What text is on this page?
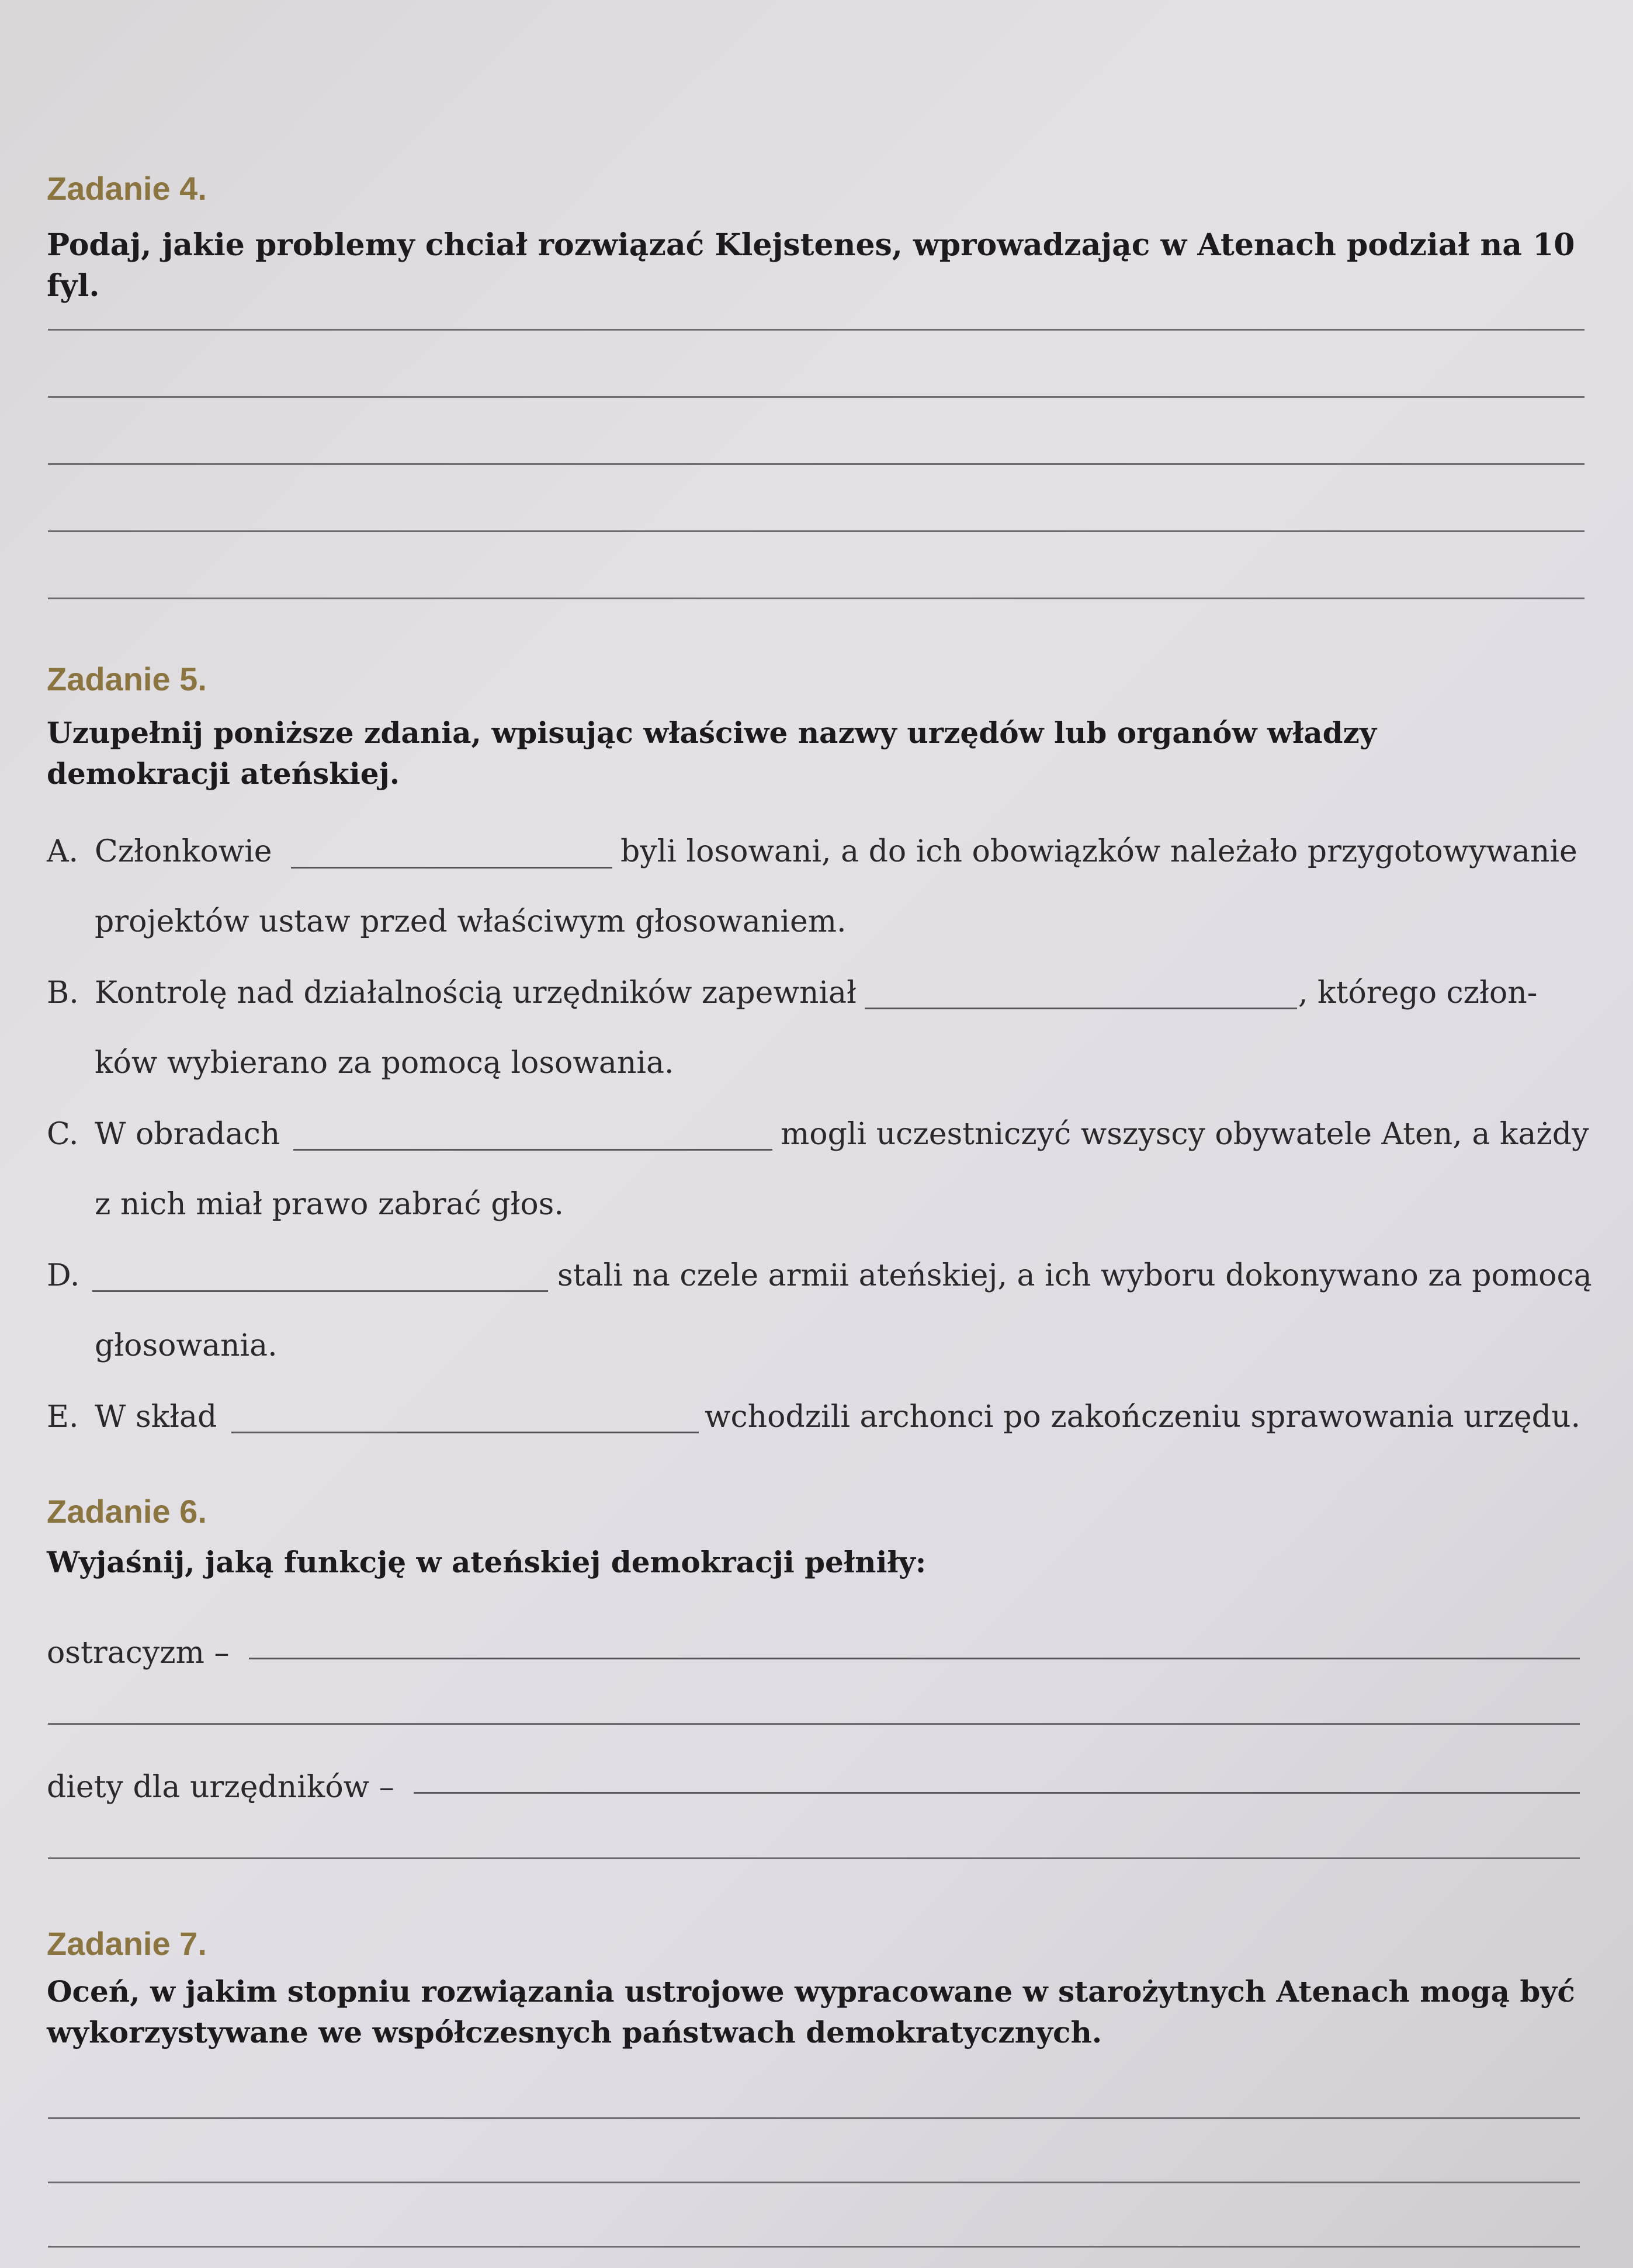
Zadanie 4.

Podaj, jakie problemy chciał rozwiązać Klejstenes, wprowadzając w Atenach podział na 10 fyl.

Zadanie 5.

Uzupełnij poniższe zdania, wpisując właściwe nazwy urzędów lub organów władzy demokracji ateńskiej.

A. Członkowie	byli losowani, a do ich obowiązków należało przygotowywanie
projektów ustaw przed właściwym głosowaniem.
B. Kontrolę nad działalnością urzędników zapewniał	, którego człon-
ków wybierano za pomocą losowania.
C. W obradach	mogli uczestniczyć wszyscy obywatele Aten, a każdy
z nich miał prawo zabrać głos.
D.	stali na czele armii ateńskiej, a ich wyboru dokonywano za pomocą
głosowania.
E. W skład	wchodzili archonci po zakończeniu sprawowania urzędu.
Zadanie 6.

Wyjaśnij, jaką funkcję w ateńskiej demokracji pełniły:

ostracyzm –
diety dla urzędników –
Zadanie 7.

Oceń, w jakim stopniu rozwiązania ustrojowe wypracowane w starożytnych Atenach mogą być wykorzystywane we współczesnych państwach demokratycznych.
